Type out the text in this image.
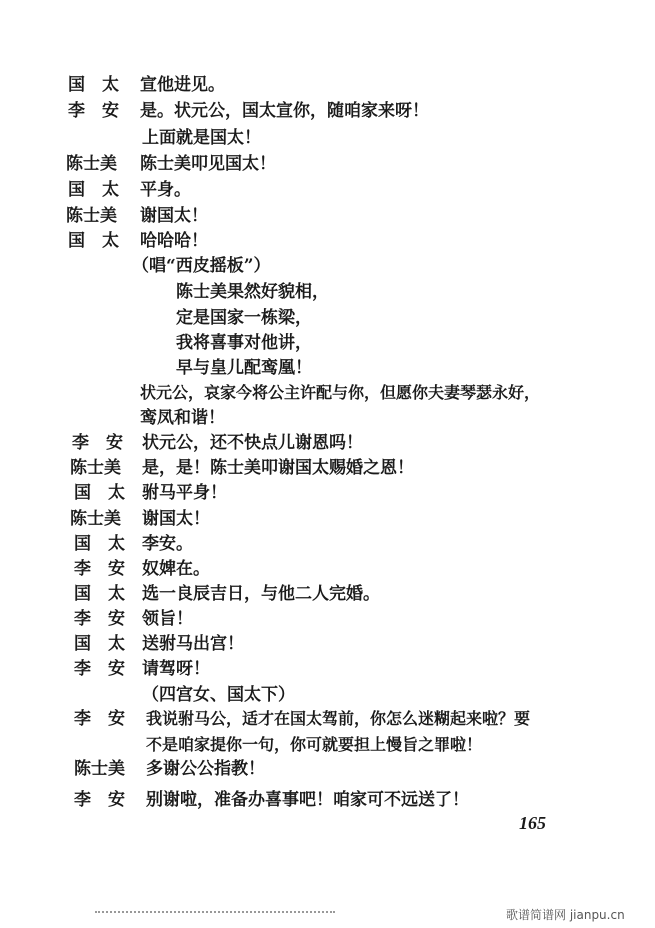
国　太 宣他进见。
李　安 是。状元公，国太宣你，随咱家来呀！
上面就是国太！
陈士美 陈士美叩见国太！
国　太 平身。
陈士美 谢国太！
国　太 哈哈哈！
（唱“西皮摇板”）
陈士美果然好貌相，
定是国家一栋梁，
我将喜事对他讲，
早与皇儿配鸾凰！
状元公，哀家今将公主许配与你，但愿你夫妻琴瑟永好，
鸾凤和谐！
李　安 状元公，还不快点儿谢恩吗！
陈士美 是，是！陈士美叩谢国太赐婚之恩！
国　太 驸马平身！
陈士美 谢国太！
国　太 李安。
李　安 奴婢在。
国　太 选一良辰吉日，与他二人完婚。
李　安 领旨！
国　太 送驸马出宫！
李　安 请驾呀！
（四宫女、国太下）
李　安 我说驸马公，适才在国太驾前，你怎么迷糊起来啦？要
不是咱家提你一句，你可就要担上慢旨之罪啦！
陈士美 多谢公公指教！
李　安 别谢啦，准备办喜事吧！咱家可不远送了！
165
歌谱简谱网 jianpu.cn
